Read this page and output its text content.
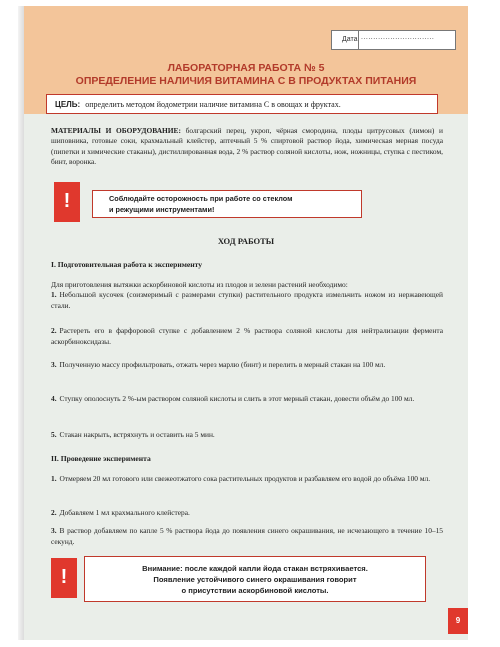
Дата ..............................
ЛАБОРАТОРНАЯ РАБОТА № 5
ОПРЕДЕЛЕНИЕ НАЛИЧИЯ ВИТАМИНА С В ПРОДУКТАХ ПИТАНИЯ
ЦЕЛЬ: определить методом йодометрии наличие витамина С в овощах и фруктах.
МАТЕРИАЛЫ И ОБОРУДОВАНИЕ: болгарский перец, укроп, чёрная смородина, плоды цитрусовых (лимон) и шиповника, готовые соки, крахмальный клейстер, аптечный 5 % спиртовой раствор йода, химическая мерная посуда (пипетки и химические стаканы), дистиллированная вода, 2 % раствор соляной кислоты, нож, ножницы, ступка с пестиком, бинт, воронка.
!	Соблюдайте осторожность при работе со стеклом
и режущими инструментами!
ХОД РАБОТЫ
I. Подготовительная работа к эксперименту
Для приготовления вытяжки аскорбиновой кислоты из плодов и зелени растений необходимо:
1. Небольшой кусочек (соизмеримый с размерами ступки) растительного продукта измельчить ножом из нержавеющей стали.
2. Растереть его в фарфоровой ступке с добавлением 2 % раствора соляной кислоты для нейтрализации фермента аскорбиноксидазы.
3. Полученную массу профильтровать, отжать через марлю (бинт) и перелить в мерный стакан на 100 мл.
4. Ступку ополоснуть 2 %-ым раствором соляной кислоты и слить в этот мерный стакан, довести объём до 100 мл.
5. Стакан накрыть, встряхнуть и оставить на 5 мин.
II. Проведение эксперимента
1. Отмеряем 20 мл готового или свежеотжатого сока растительных продуктов и разбавляем его водой до объёма 100 мл.
2. Добавляем 1 мл крахмального клейстера.
3. В раствор добавляем по капле 5 % раствора йода до появления синего окрашивания, не исчезающего в течение 10–15 секунд.
!	Внимание: после каждой капли йода стакан встряхивается.
Появление устойчивого синего окрашивания говорит
о присутствии аскорбиновой кислоты.
9
